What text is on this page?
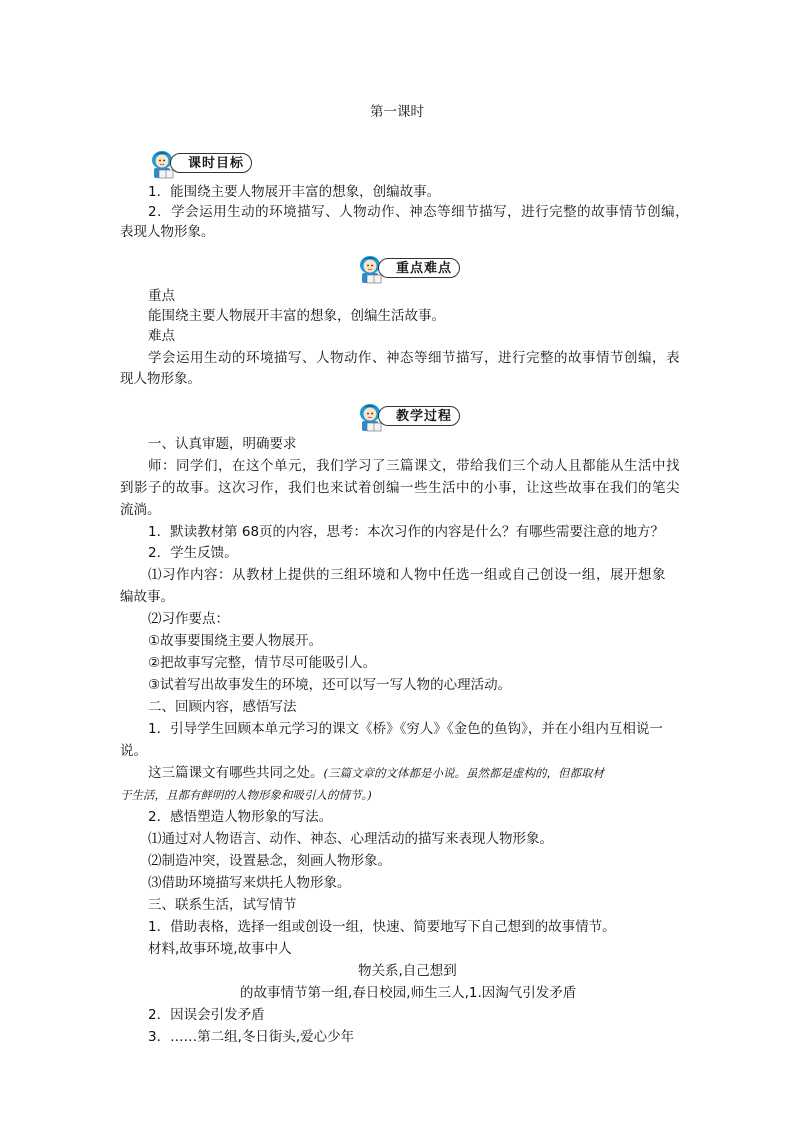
第一课时
课时目标
1．能围绕主要人物展开丰富的想象，创编故事。
2．学会运用生动的环境描写、人物动作、神态等细节描写，进行完整的故事情节创编，
表现人物形象。
重点难点
重点
能围绕主要人物展开丰富的想象，创编生活故事。
难点
学会运用生动的环境描写、人物动作、神态等细节描写，进行完整的故事情节创编，表
现人物形象。
教学过程
一、认真审题，明确要求
师：同学们，在这个单元，我们学习了三篇课文，带给我们三个动人且都能从生活中找
到影子的故事。这次习作，我们也来试着创编一些生活中的小事，让这些故事在我们的笔尖
流淌。
1．默读教材第 68页的内容，思考：本次习作的内容是什么？有哪些需要注意的地方？
2．学生反馈。
⑴习作内容：从教材上提供的三组环境和人物中任选一组或自己创设一组，展开想象
编故事。
⑵习作要点：
①故事要围绕主要人物展开。
②把故事写完整，情节尽可能吸引人。
③试着写出故事发生的环境，还可以写一写人物的心理活动。
二、回顾内容，感悟写法
1．引导学生回顾本单元学习的课文《桥》《穷人》《金色的鱼钩》，并在小组内互相说一
说。
这三篇课文有哪些共同之处。(三篇文章的文体都是小说。虽然都是虚构的，但都取材
于生活，且都有鲜明的人物形象和吸引人的情节。)
2．感悟塑造人物形象的写法。
⑴通过对人物语言、动作、神态、心理活动的描写来表现人物形象。
⑵制造冲突，设置悬念，刻画人物形象。
⑶借助环境描写来烘托人物形象。
三、联系生活，试写情节
1．借助表格，选择一组或创设一组，快速、简要地写下自己想到的故事情节。
材料,故事环境,故事中人
物关系,自己想到
的故事情节第一组,春日校园,师生三人,1.因淘气引发矛盾
2．因误会引发矛盾
3．……第二组,冬日街头,爱心少年
